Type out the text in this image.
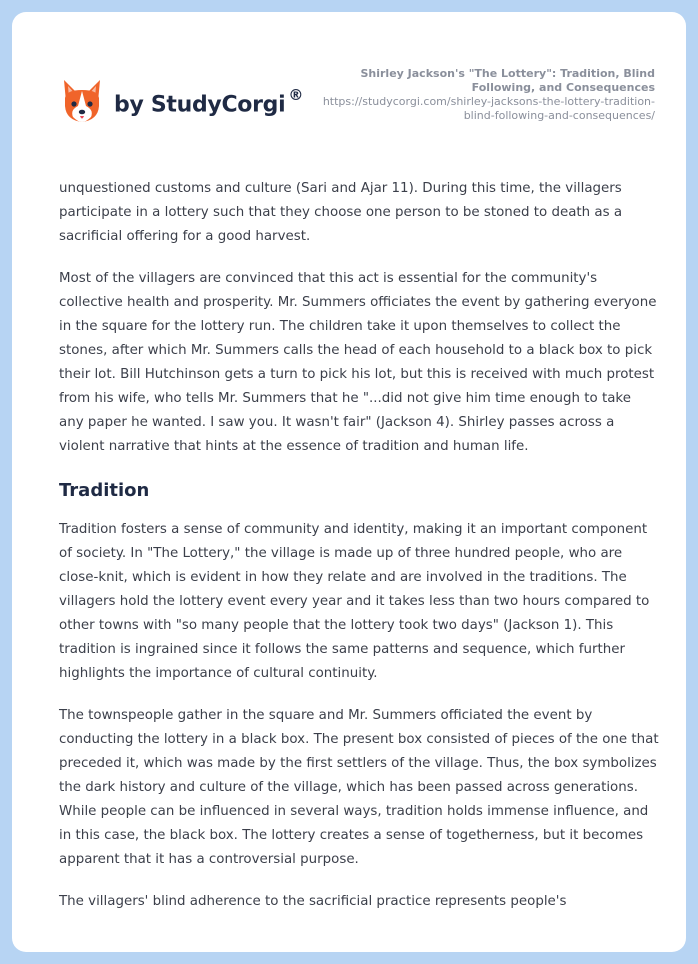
by StudyCorgi ®
Shirley Jackson's "The Lottery": Tradition, Blind Following, and Consequences
https://studycorgi.com/shirley-jacksons-the-lottery-tradition-blind-following-and-consequences/

unquestioned customs and culture (Sari and Ajar 11). During this time, the villagers participate in a lottery such that they choose one person to be stoned to death as a sacrificial offering for a good harvest.

Most of the villagers are convinced that this act is essential for the community's collective health and prosperity. Mr. Summers officiates the event by gathering everyone in the square for the lottery run. The children take it upon themselves to collect the stones, after which Mr. Summers calls the head of each household to a black box to pick their lot. Bill Hutchinson gets a turn to pick his lot, but this is received with much protest from his wife, who tells Mr. Summers that he "...did not give him time enough to take any paper he wanted. I saw you. It wasn't fair" (Jackson 4). Shirley passes across a violent narrative that hints at the essence of tradition and human life.

Tradition

Tradition fosters a sense of community and identity, making it an important component of society. In "The Lottery," the village is made up of three hundred people, who are close-knit, which is evident in how they relate and are involved in the traditions. The villagers hold the lottery event every year and it takes less than two hours compared to other towns with "so many people that the lottery took two days" (Jackson 1). This tradition is ingrained since it follows the same patterns and sequence, which further highlights the importance of cultural continuity.

The townspeople gather in the square and Mr. Summers officiated the event by conducting the lottery in a black box. The present box consisted of pieces of the one that preceded it, which was made by the first settlers of the village. Thus, the box symbolizes the dark history and culture of the village, which has been passed across generations. While people can be influenced in several ways, tradition holds immense influence, and in this case, the black box. The lottery creates a sense of togetherness, but it becomes apparent that it has a controversial purpose.

The villagers' blind adherence to the sacrificial practice represents people's
